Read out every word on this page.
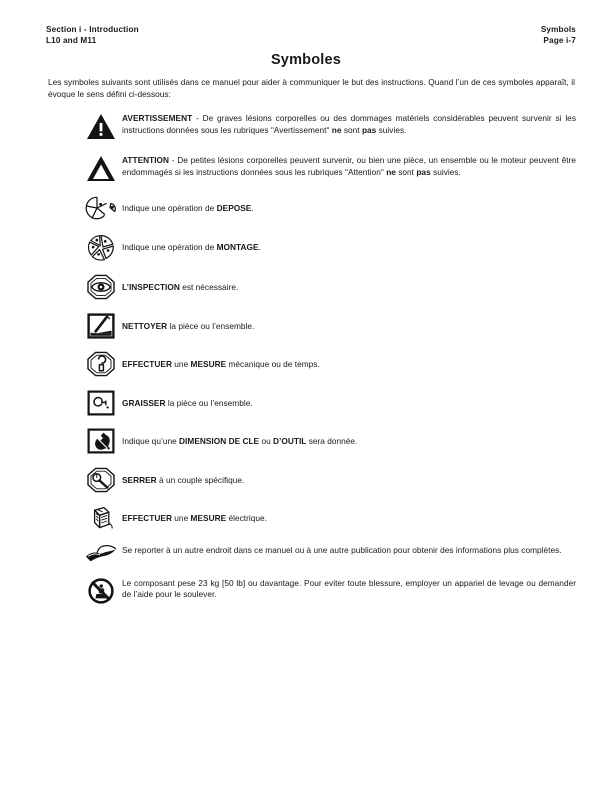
Section i - Introduction
L10 and M11
Symbols
Page i-7
Symboles
Les symboles suivants sont utilisés dans ce manuel pour aider à communiquer le but des instructions. Quand l’un de ces symboles apparaît, il évoque le sens défini ci-dessous:
AVERTISSEMENT - De graves lésions corporelles ou des dommages matériels considérables peuvent survenir si les instructions données sous les rubriques ʺAvertissementʺ ne sont pas suivies.
ATTENTION - De petites lésions corporelles peuvent survenir, ou bien une pièce, un ensemble ou le moteur peuvent être endommagés si les instructions données sous les rubriques ʺAttentionʺ ne sont pas suivies.
Indique une opération de DEPOSE.
Indique une opération de MONTAGE.
L’INSPECTION est nécessaire.
NETTOYER la pièce ou l’ensemble.
EFFECTUER une MESURE mécanique ou de temps.
GRAISSER la pièce ou l’ensemble.
Indique qu’une DIMENSION DE CLE ou D’OUTIL sera donnée.
SERRER à un couple spécifique.
EFFECTUER une MESURE électrique.
Se reporter à un autre endroit dans ce manuel ou à une autre publication pour obtenir des informations plus complètes.
Le composant pese 23 kg [50 lb] ou davantage. Pour eviter toute blessure, employer un appariel de levage ou demander de l’aide pour le soulever.
